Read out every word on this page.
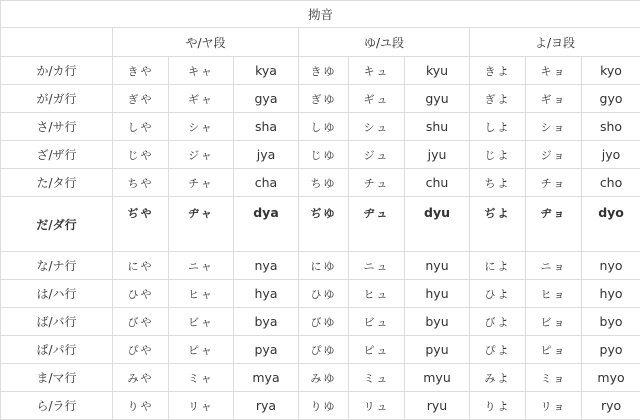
拗音									
	や/ヤ段			ゆ/ユ段			よ/ヨ段		
か/カ行	きや	キャ	kya	きゆ	キュ	kyu	きよ	キョ	kyo
が/ガ行	ぎや	ギャ	gya	ぎゆ	ギュ	gyu	ぎよ	ギョ	gyo
さ/サ行	しや	シャ	sha	しゆ	シュ	shu	しよ	ショ	sho
ざ/ザ行	じや	ジャ	jya	じゆ	ジュ	jyu	じよ	ジョ	jyo
た/タ行	ちや	チャ	cha	ちゆ	チュ	chu	ちよ	チョ	cho
だ/ダ行	ぢや	ヂャ	dya	ぢゆ	ヂュ	dyu	ぢよ	ヂョ	dyo
な/ナ行	にや	ニャ	nya	にゆ	ニュ	nyu	によ	ニョ	nyo
は/ハ行	ひや	ヒャ	hya	ひゆ	ヒュ	hyu	ひよ	ヒョ	hyo
ば/バ行	びや	ビャ	bya	びゆ	ビュ	byu	びよ	ビョ	byo
ぱ/パ行	ぴや	ピャ	pya	ぴゆ	ピュ	pyu	ぴよ	ピョ	pyo
ま/マ行	みや	ミャ	mya	みゆ	ミュ	myu	みよ	ミョ	myo
ら/ラ行	りや	リャ	rya	りゆ	リュ	ryu	りよ	リョ	ryo
